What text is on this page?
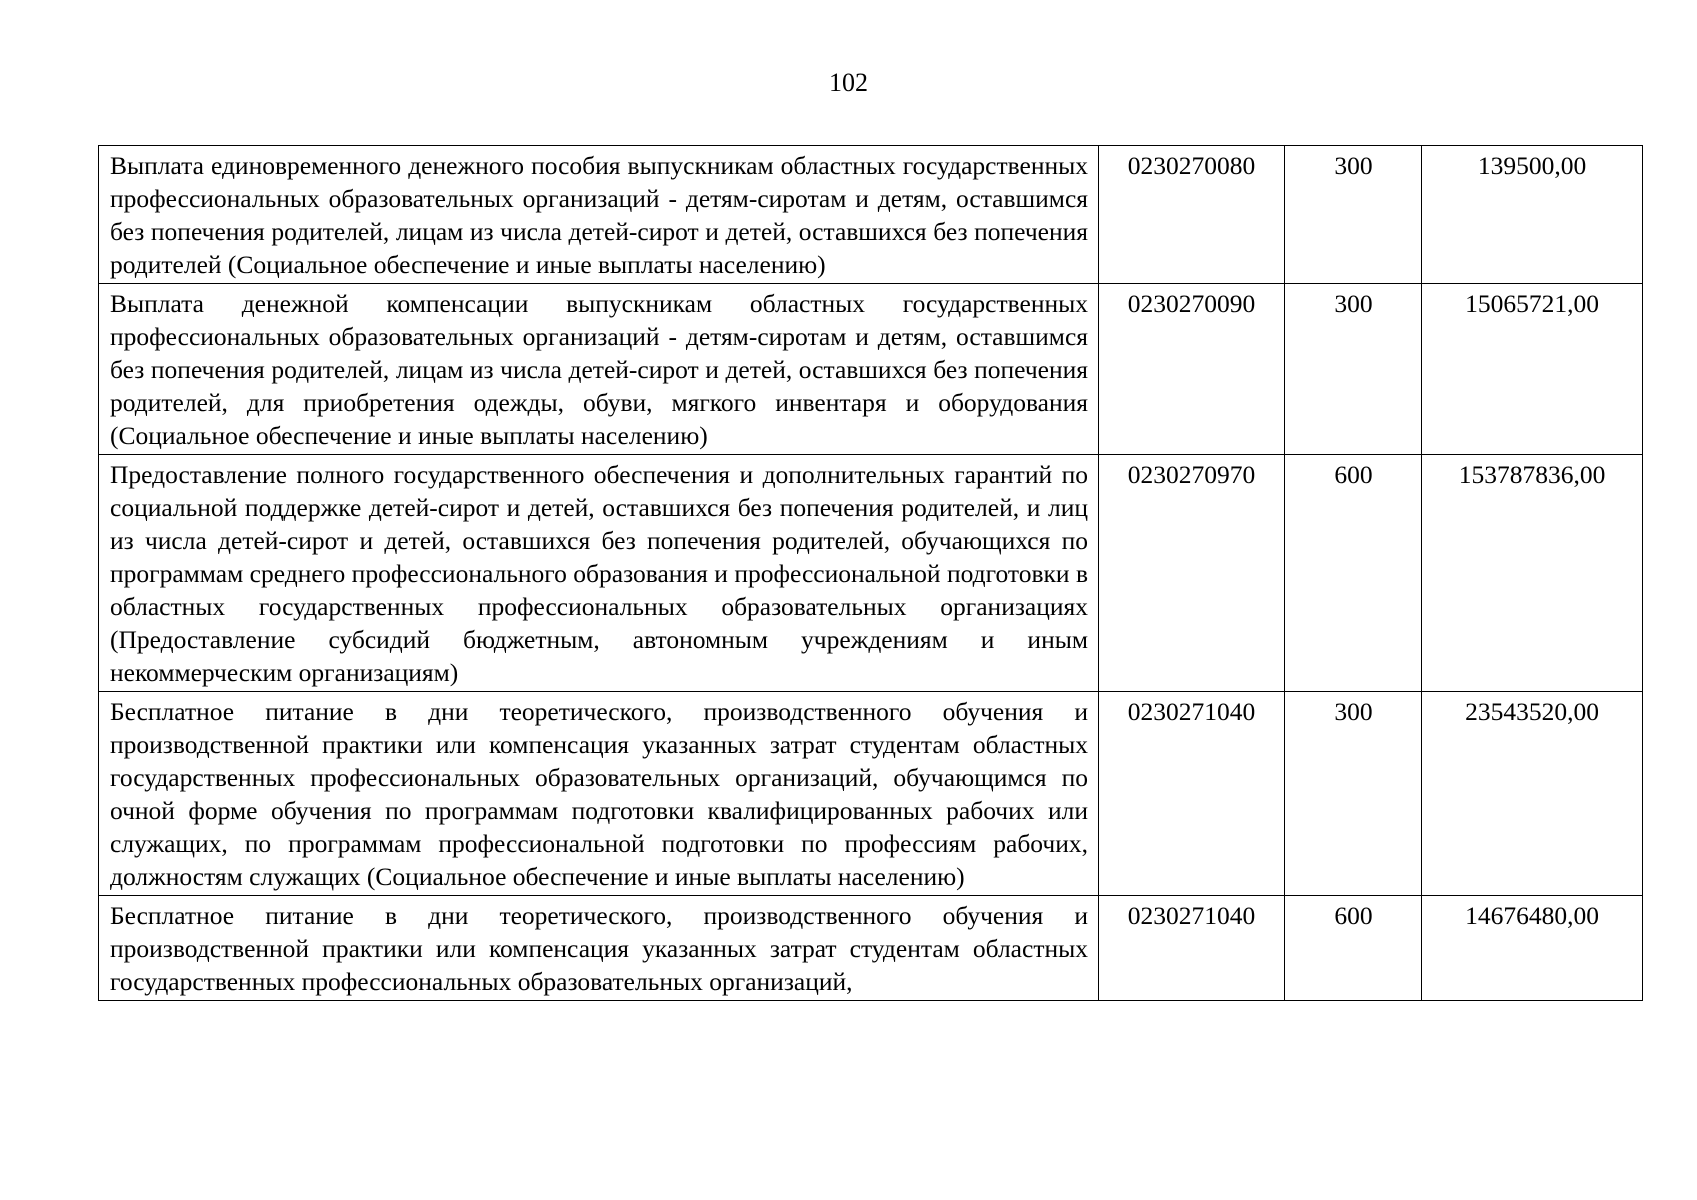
102
Выплата единовременного денежного пособия выпускникам областных государственных профессиональных образовательных организаций - детям-сиротам и детям, оставшимся без попечения родителей, лицам из числа детей-сирот и детей, оставшихся без попечения родителей (Социальное обеспечение и иные выплаты населению)	0230270080	300	139500,00
Выплата денежной компенсации выпускникам областных государственных профессиональных образовательных организаций - детям-сиротам и детям, оставшимся без попечения родителей, лицам из числа детей-сирот и детей, оставшихся без попечения родителей, для приобретения одежды, обуви, мягкого инвентаря и оборудования (Социальное обеспечение и иные выплаты населению)	0230270090	300	15065721,00
Предоставление полного государственного обеспечения и дополнительных гарантий по социальной поддержке детей-сирот и детей, оставшихся без попечения родителей, и лиц из числа детей-сирот и детей, оставшихся без попечения родителей, обучающихся по программам среднего профессионального образования и профессиональной подготовки в областных государственных профессиональных образовательных организациях (Предоставление субсидий бюджетным, автономным учреждениям и иным некоммерческим организациям)	0230270970	600	153787836,00
Бесплатное питание в дни теоретического, производственного обучения и производственной практики или компенсация указанных затрат студентам областных государственных профессиональных образовательных организаций, обучающимся по очной форме обучения по программам подготовки квалифицированных рабочих или служащих, по программам профессиональной подготовки по профессиям рабочих, должностям служащих (Социальное обеспечение и иные выплаты населению)	0230271040	300	23543520,00
Бесплатное питание в дни теоретического, производственного обучения и производственной практики или компенсация указанных затрат студентам областных государственных профессиональных образовательных организаций,	0230271040	600	14676480,00
